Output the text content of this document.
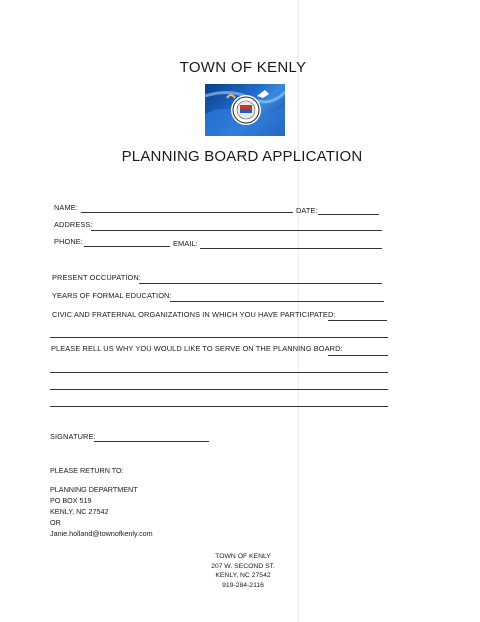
TOWN OF KENLY
PLANNING BOARD APPLICATION
NAME:	DATE:
ADDRESS:
PHONE:	EMAIL:
PRESENT OCCUPATION:
YEARS OF FORMAL EDUCATION:
CIVIC AND FRATERNAL ORGANIZATIONS IN WHICH YOU HAVE PARTICIPATED:
PLEASE RELL US WHY YOU WOULD LIKE TO SERVE ON THE PLANNING BOARD:
SIGNATURE:
PLEASE RETURN TO:
PLANNING DEPARTMENT
PO BOX 519
KENLY, NC 27542
OR
Janie.holland@townofkenly.com
TOWN OF KENLY
207 W. SECOND ST.
KENLY, NC 27542
919-284-2116
